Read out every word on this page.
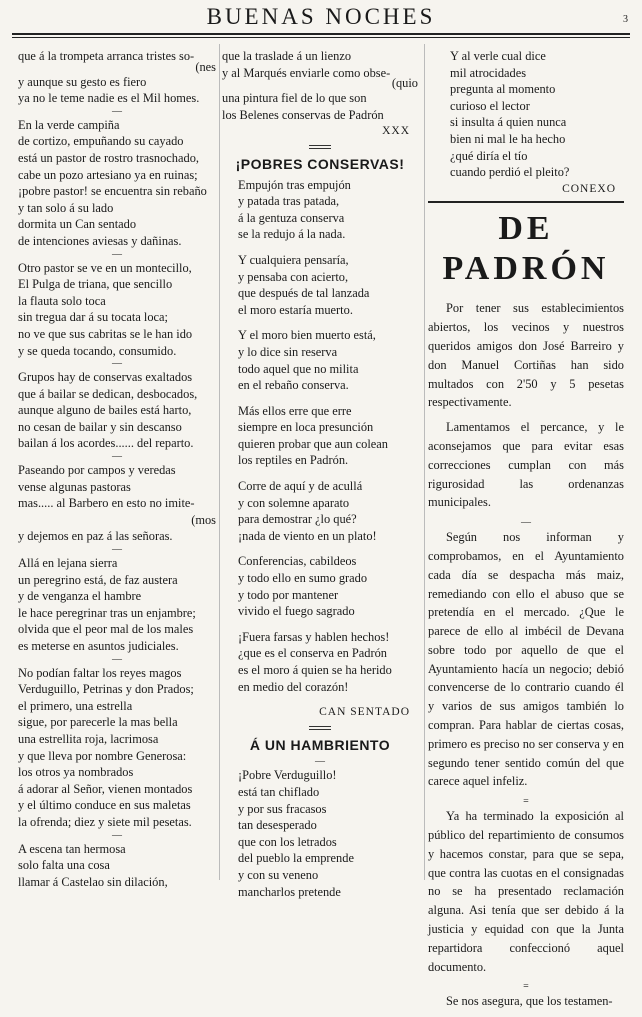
BUENAS NOCHES	3
que á la trompeta arranca tristes so-
(nes
y aunque su gesto es fiero
ya no le teme nadie es el Mil homes.
—
En la verde campiña
de cortizo, empuñando su cayado
está un pastor de rostro trasnochado,
cabe un pozo artesiano ya en ruinas;
¡pobre pastor! se encuentra sin rebaño
y tan solo á su lado
dormita un Can sentado
de intenciones aviesas y dañinas.
—
Otro pastor se ve en un montecillo,
El Pulga de triana, que sencillo
la flauta solo toca
sin tregua dar á su tocata loca;
no ve que sus cabritas se le han ido
y se queda tocando, consumido.
—
Grupos hay de conservas exaltados
que á bailar se dedican, desbocados,
aunque alguno de bailes está harto,
no cesan de bailar y sin descanso
bailan á los acordes...... del reparto.
—
Paseando por campos y veredas
vense algunas pastoras
mas..... al Barbero en esto no imite-
(mos
y dejemos en paz á las señoras.
—
Allá en lejana sierra
un peregrino está, de faz austera
y de venganza el hambre
le hace peregrinar tras un enjambre;
olvida que el peor mal de los males
es meterse en asuntos judiciales.
—
No podían faltar los reyes magos
Verduguillo, Petrinas y don Prados;
el primero, una estrella
sigue, por parecerle la mas bella
una estrellita roja, lacrimosa
y que lleva por nombre Generosa:
los otros ya nombrados
á adorar al Señor, vienen montados
y el último conduce en sus maletas
la ofrenda; diez y siete mil pesetas.
—
A escena tan hermosa
solo falta una cosa
llamar á Castelao sin dilación,
que la traslade á un lienzo
y al Marqués enviarle como obse-
(quio
una pintura fiel de lo que son
los Belenes conservas de Padrón
XXX
¡POBRES CONSERVAS!
Empujón tras empujón
y patada tras patada,
á la gentuza conserva
se la redujo á la nada.
Y cualquiera pensaría,
y pensaba con acierto,
que después de tal lanzada
el moro estaría muerto.
Y el moro bien muerto está,
y lo dice sin reserva
todo aquel que no milita
en el rebaño conserva.
Más ellos erre que erre
siempre en loca presunción
quieren probar que aun colean
los reptiles en Padrón.
Corre de aquí y de acullá
y con solemne aparato
para demostrar ¿lo qué?
¡nada de viento en un plato!
Conferencias, cabildeos
y todo ello en sumo grado
y todo por mantener
vivido el fuego sagrado
¡Fuera farsas y hablen hechos!
¿que es el conserva en Padrón
es el moro á quien se ha herido
en medio del corazón!
CAN SENTADO
Á UN HAMBRIENTO
—
¡Pobre Verduguillo!
está tan chiflado
y por sus fracasos
tan desesperado
que con los letrados
del pueblo la emprende
y con su veneno
mancharlos pretende
Y al verle cual dice
mil atrocidades
pregunta al momento
curioso el lector
si insulta á quien nunca
bien ni mal le ha hecho
¿qué diría el tío
cuando perdió el pleito?
CONEXO
DE PADRÓN

Por tener sus establecimientos abiertos, los vecinos y nuestros queridos amigos don José Barreiro y don Manuel Cortiñas han sido multados con 2'50 y 5 pesetas respectivamente.

Lamentamos el percance, y le aconsejamos que para evitar esas correcciones cumplan con más rigurosidad las ordenanzas municipales.

—

Según nos informan y comprobamos, en el Ayuntamiento cada día se despacha más maiz, remediando con ello el abuso que se pretendía en el mercado. ¿Que le parece de ello al imbécil de Devana sobre todo por aquello de que el Ayuntamiento hacía un negocio; debió convencerse de lo contrario cuando él y varios de sus amigos también lo compran. Para hablar de ciertas cosas, primero es preciso no ser conserva y en segundo tener sentido común del que carece aquel infeliz.

=

Ya ha terminado la exposición al público del repartimiento de consumos y hacemos constar, para que se sepa, que contra las cuotas en el consignadas no se ha presentado reclamación alguna. Asi tenía que ser debido á la justicia y equidad con que la Junta repartidora confeccionó aquel documento.

=

Se nos asegura, que los testamen-
